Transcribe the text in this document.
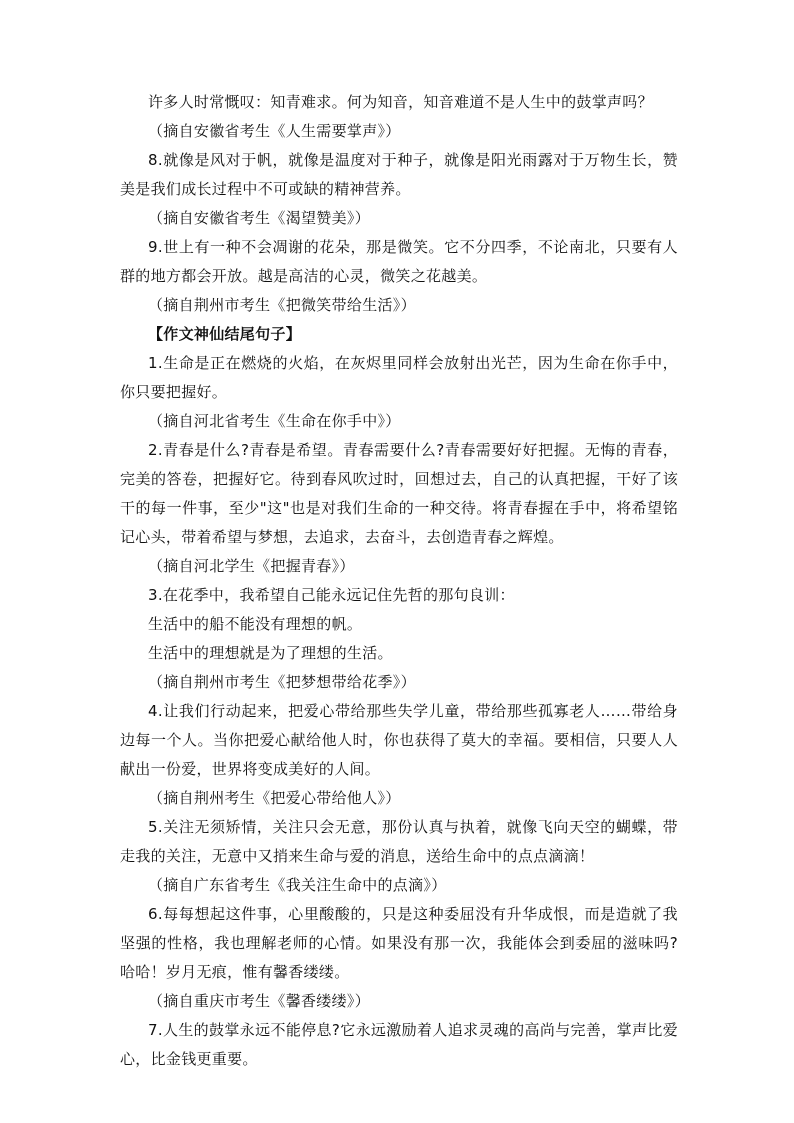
许多人时常慨叹：知青难求。何为知音，知音难道不是人生中的鼓掌声吗？

（摘自安徽省考生《人生需要掌声》）

8.就像是风对于帆，就像是温度对于种子，就像是阳光雨露对于万物生长，赞美是我们成长过程中不可或缺的精神营养。

（摘自安徽省考生《渴望赞美》）

9.世上有一种不会凋谢的花朵，那是微笑。它不分四季，不论南北，只要有人群的地方都会开放。越是高洁的心灵，微笑之花越美。

（摘自荆州市考生《把微笑带给生活》）

【作文神仙结尾句子】

1.生命是正在燃烧的火焰，在灰烬里同样会放射出光芒，因为生命在你手中，你只要把握好。

（摘自河北省考生《生命在你手中》）

2.青春是什么?青春是希望。青春需要什么?青春需要好好把握。无悔的青春，完美的答卷，把握好它。待到春风吹过时，回想过去，自己的认真把握，干好了该干的每一件事，至少"这"也是对我们生命的一种交待。将青春握在手中，将希望铭记心头，带着希望与梦想，去追求，去奋斗，去创造青春之辉煌。

（摘自河北学生《把握青春》）

3.在花季中，我希望自己能永远记住先哲的那句良训：

生活中的船不能没有理想的帆。

生活中的理想就是为了理想的生活。

（摘自荆州市考生《把梦想带给花季》）

4.让我们行动起来，把爱心带给那些失学儿童，带给那些孤寡老人……带给身边每一个人。当你把爱心献给他人时，你也获得了莫大的幸福。要相信，只要人人献出一份爱，世界将变成美好的人间。

（摘自荆州考生《把爱心带给他人》）

5.关注无须矫情，关注只会无意，那份认真与执着，就像飞向天空的蝴蝶，带走我的关注，无意中又捎来生命与爱的消息，送给生命中的点点滴滴！

（摘自广东省考生《我关注生命中的点滴》）

6.每每想起这件事，心里酸酸的，只是这种委屈没有升华成恨，而是造就了我坚强的性格，我也理解老师的心情。如果没有那一次，我能体会到委屈的滋味吗?哈哈！岁月无痕，惟有馨香缕缕。

（摘自重庆市考生《馨香缕缕》）

7.人生的鼓掌永远不能停息?它永远激励着人追求灵魂的高尚与完善，掌声比爱心，比金钱更重要。
